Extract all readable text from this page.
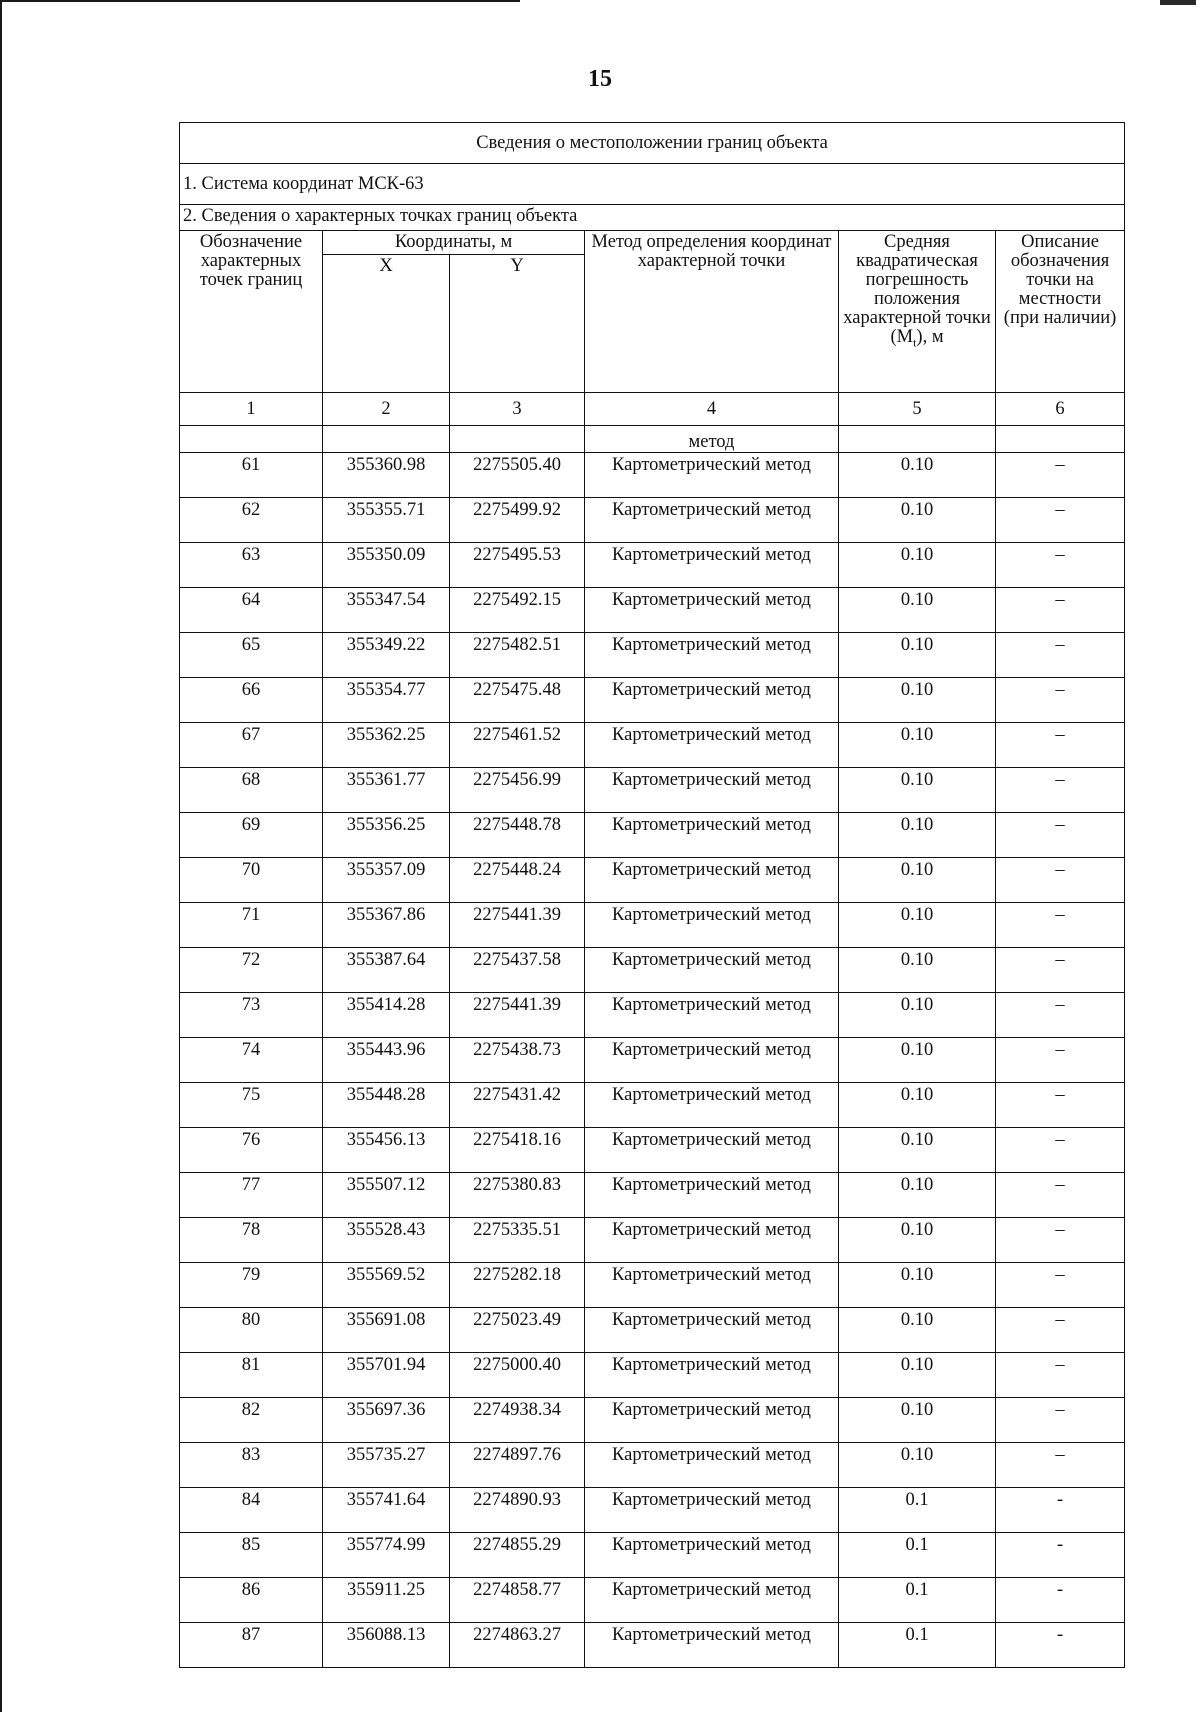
15
Сведения о местоположении границ объекта					
1. Система координат МСК-63					
2. Сведения о характерных точках границ объекта					
Обозначение характерных точек границ	Координаты, м		Метод определения координат характерной точки	Средняя квадратическая погрешность положения характерной точки $(M_t)$, м	Описание обозначения точки на местности (при наличии)
	X	Y			
1	2	3	4	5	6
			метод		
61	355360.98	2275505.40	Картометрический метод	0.10	–
62	355355.71	2275499.92	Картометрический метод	0.10	–
63	355350.09	2275495.53	Картометрический метод	0.10	–
64	355347.54	2275492.15	Картометрический метод	0.10	–
65	355349.22	2275482.51	Картометрический метод	0.10	–
66	355354.77	2275475.48	Картометрический метод	0.10	–
67	355362.25	2275461.52	Картометрический метод	0.10	–
68	355361.77	2275456.99	Картометрический метод	0.10	–
69	355356.25	2275448.78	Картометрический метод	0.10	–
70	355357.09	2275448.24	Картометрический метод	0.10	–
71	355367.86	2275441.39	Картометрический метод	0.10	–
72	355387.64	2275437.58	Картометрический метод	0.10	–
73	355414.28	2275441.39	Картометрический метод	0.10	–
74	355443.96	2275438.73	Картометрический метод	0.10	–
75	355448.28	2275431.42	Картометрический метод	0.10	–
76	355456.13	2275418.16	Картометрический метод	0.10	–
77	355507.12	2275380.83	Картометрический метод	0.10	–
78	355528.43	2275335.51	Картометрический метод	0.10	–
79	355569.52	2275282.18	Картометрический метод	0.10	–
80	355691.08	2275023.49	Картометрический метод	0.10	–
81	355701.94	2275000.40	Картометрический метод	0.10	–
82	355697.36	2274938.34	Картометрический метод	0.10	–
83	355735.27	2274897.76	Картометрический метод	0.10	–
84	355741.64	2274890.93	Картометрический метод	0.1	-
85	355774.99	2274855.29	Картометрический метод	0.1	-
86	355911.25	2274858.77	Картометрический метод	0.1	-
87	356088.13	2274863.27	Картометрический метод	0.1	-
